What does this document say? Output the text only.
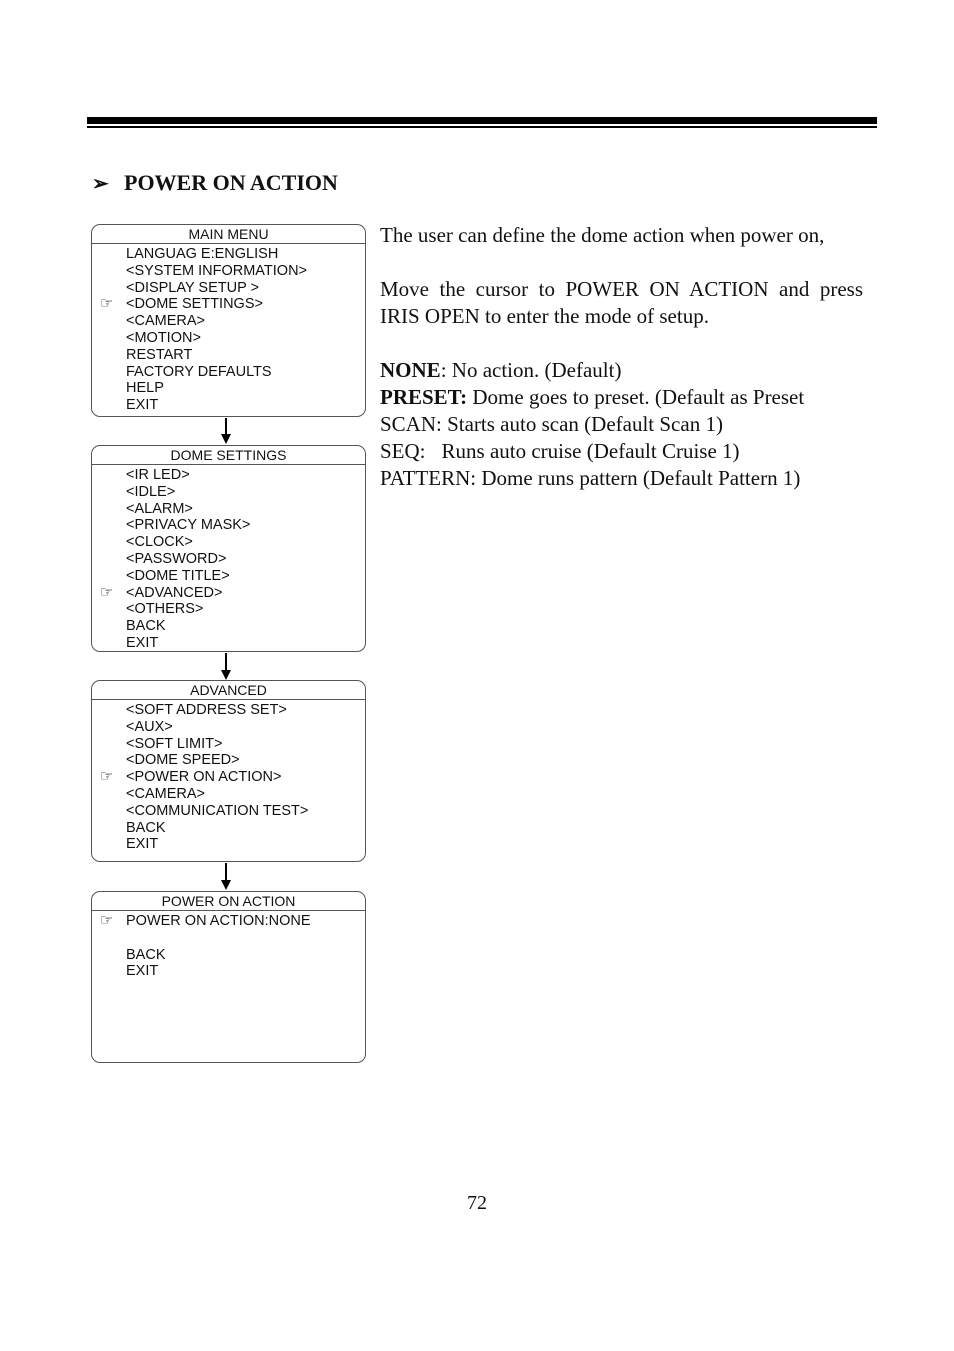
➢ POWER ON ACTION
MAIN MENU
LANGUAG E:ENGLISH
<SYSTEM INFORMATION>
<DISPLAY SETUP >
☞ <DOME SETTINGS>
<CAMERA>
<MOTION>
RESTART
FACTORY DEFAULTS
HELP
EXIT
DOME SETTINGS
<IR LED>
<IDLE>
<ALARM>
<PRIVACY MASK>
<CLOCK>
<PASSWORD>
<DOME TITLE>
☞ <ADVANCED>
<OTHERS>
BACK
EXIT
ADVANCED
<SOFT ADDRESS SET>
<AUX>
<SOFT LIMIT>
<DOME SPEED>
☞ <POWER ON ACTION>
<CAMERA>
<COMMUNICATION TEST>
BACK
EXIT
POWER ON ACTION
☞ POWER ON ACTION:NONE
BACK
EXIT

The user can define the dome action when power on,

Move the cursor to POWER ON ACTION and press IRIS OPEN to enter the mode of setup.

NONE: No action. (Default)

PRESET: Dome goes to preset. (Default as Preset

SCAN: Starts auto scan (Default Scan 1)

SEQ: Runs auto cruise (Default Cruise 1)

PATTERN: Dome runs pattern (Default Pattern 1)

72
